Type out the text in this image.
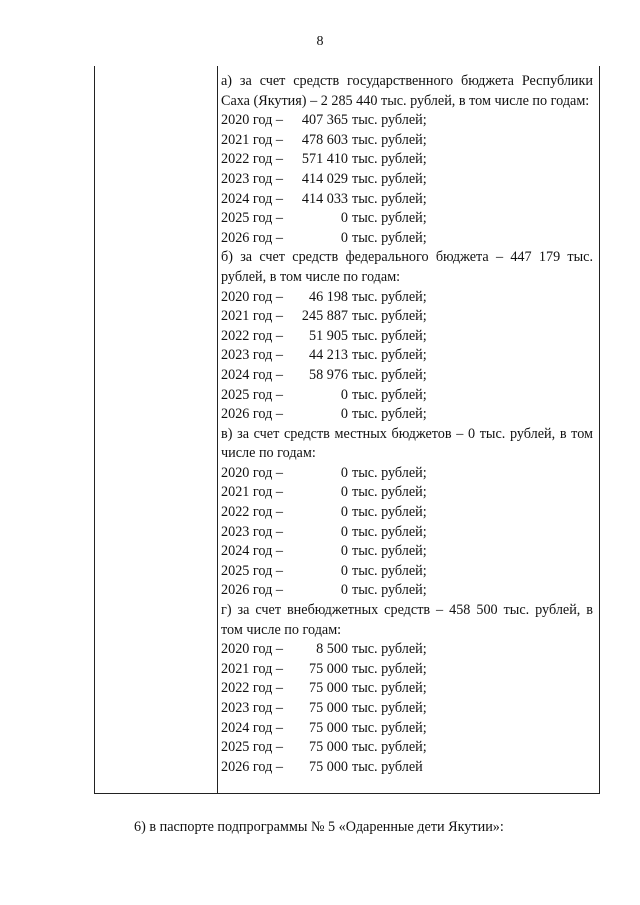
8
а) за счет средств государственного бюджета Республики Саха (Якутия) – 2 285 440 тыс. рублей, в том числе по годам:
2020 год –	407 365 тыс. рублей;
2021 год –	478 603 тыс. рублей;
2022 год –	571 410 тыс. рублей;
2023 год –	414 029 тыс. рублей;
2024 год –	414 033 тыс. рублей;
2025 год –	0 тыс. рублей;
2026 год –	0 тыс. рублей;
б) за счет средств федерального бюджета – 447 179 тыс. рублей, в том числе по годам:
2020 год –	46 198 тыс. рублей;
2021 год –	245 887 тыс. рублей;
2022 год –	51 905 тыс. рублей;
2023 год –	44 213 тыс. рублей;
2024 год –	58 976 тыс. рублей;
2025 год –	0 тыс. рублей;
2026 год –	0 тыс. рублей;
в) за счет средств местных бюджетов – 0 тыс. рублей, в том числе по годам:
2020 год –	0 тыс. рублей;
2021 год –	0 тыс. рублей;
2022 год –	0 тыс. рублей;
2023 год –	0 тыс. рублей;
2024 год –	0 тыс. рублей;
2025 год –	0 тыс. рублей;
2026 год –	0 тыс. рублей;
г) за счет внебюджетных средств – 458 500 тыс. рублей, в том числе по годам:
2020 год –	8 500 тыс. рублей;
2021 год –	75 000 тыс. рублей;
2022 год –	75 000 тыс. рублей;
2023 год –	75 000 тыс. рублей;
2024 год –	75 000 тыс. рублей;
2025 год –	75 000 тыс. рублей;
2026 год –	75 000 тыс. рублей
6) в паспорте подпрограммы № 5 «Одаренные дети Якутии»:
